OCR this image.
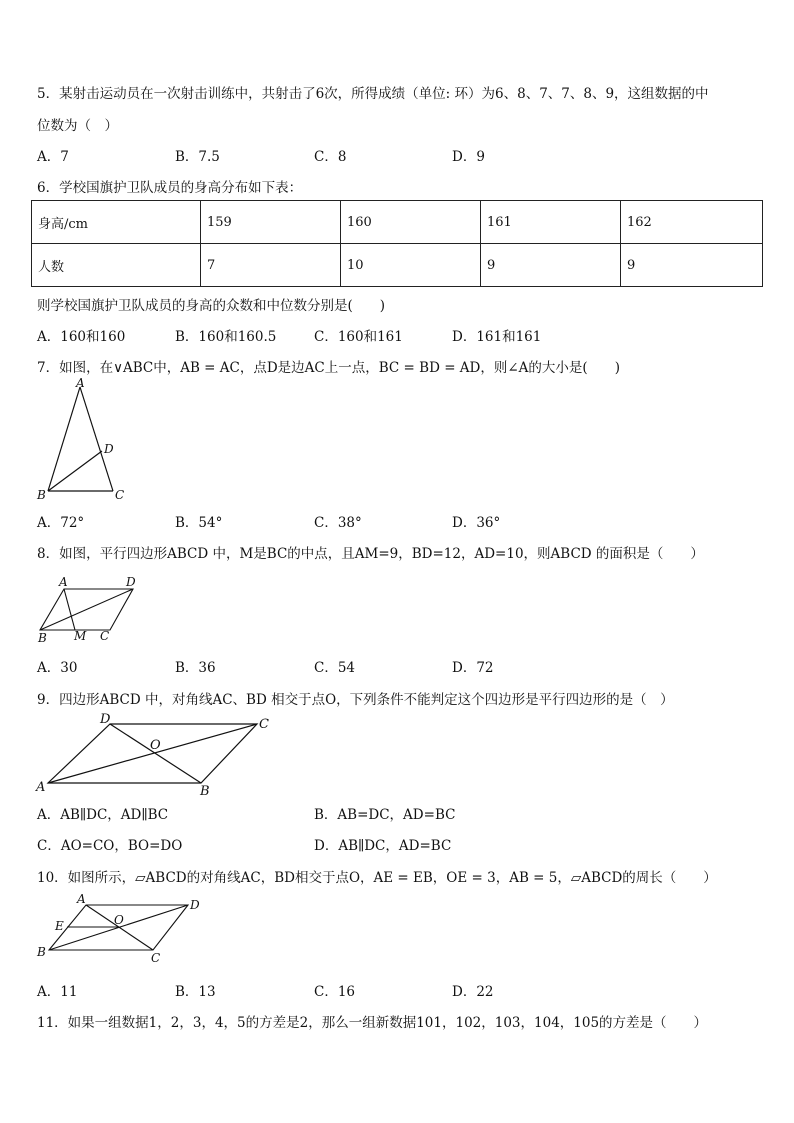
5．某射击运动员在一次射击训练中，共射击了6次，所得成绩（单位: 环）为6、8、7、7、8、9，这组数据的中
位数为（　）
A．7	B．7.5	C．8	D．9
6．学校国旗护卫队成员的身高分布如下表：
身高/cm	159	160	161	162
人数	7	10	9	9
则学校国旗护卫队成员的身高的众数和中位数分别是(　　)
A．160和160	B．160和160.5	C．160和161	D．161和161
7．如图，在∨ABC中，AB = AC，点D是边AC上一点，BC = BD = AD，则∠A的大小是(　　)
A
B	C
D
A．72°	B．54°	C．38°	D．36°
8．如图，平行四边形ABCD 中，M是BC的中点，且AM=9，BD=12，AD=10，则ABCD 的面积是（　　）
A	D
B M C
A．30	B．36	C．54	D．72
9．四边形ABCD 中，对角线AC、BD 相交于点O，下列条件不能判定这个四边形是平行四边形的是（　）
D	C
O
A	B
A．AB∥DC，AD∥BC	B．AB=DC，AD=BC
C．AO=CO，BO=DO	D．AB∥DC，AD=BC
10．如图所示，▱ABCD的对角线AC，BD相交于点O，AE = EB，OE = 3，AB = 5，▱ABCD的周长（　　）
A	D
E	O
B	C
A．11	B．13	C．16	D．22
11．如果一组数据1，2，3，4，5的方差是2，那么一组新数据101，102，103，104，105的方差是（　　）
